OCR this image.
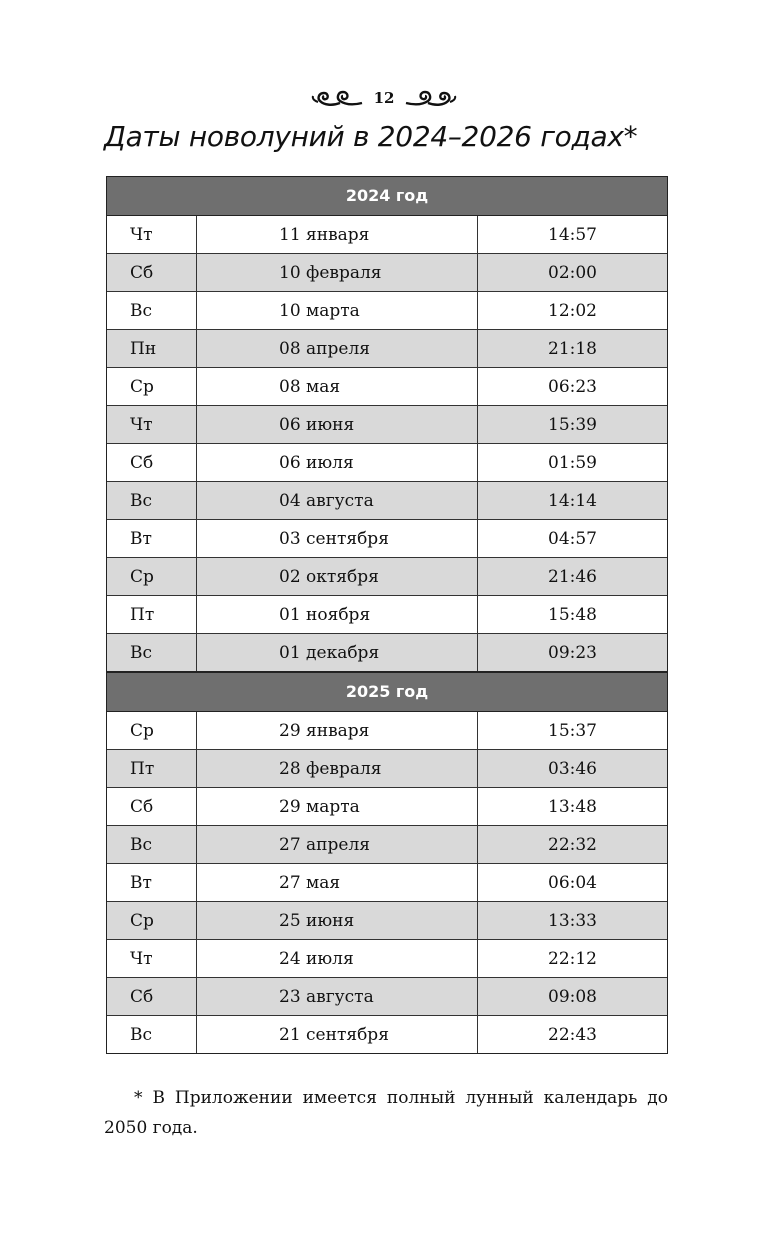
12
Даты новолуний в 2024–2026 годах*
2024 год
Чт	11 января	14:57
Сб	10 февраля	02:00
Вс	10 марта	12:02
Пн	08 апреля	21:18
Ср	08 мая	06:23
Чт	06 июня	15:39
Сб	06 июля	01:59
Вс	04 августа	14:14
Вт	03 сентября	04:57
Ср	02 октября	21:46
Пт	01 ноября	15:48
Вс	01 декабря	09:23
2025 год
Ср	29 января	15:37
Пт	28 февраля	03:46
Сб	29 марта	13:48
Вс	27 апреля	22:32
Вт	27 мая	06:04
Ср	25 июня	13:33
Чт	24 июля	22:12
Сб	23 августа	09:08
Вс	21 сентября	22:43

* В Приложении имеется полный лунный календарь до 2050 года.
